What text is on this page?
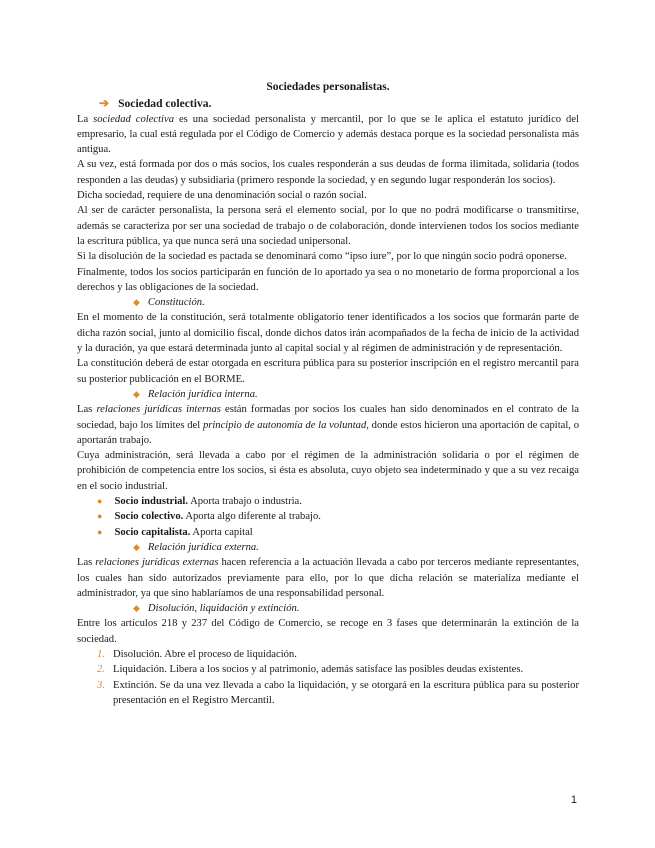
Sociedades personalistas.
➔ Sociedad colectiva.

La sociedad colectiva es una sociedad personalista y mercantil, por lo que se le aplica el estatuto jurídico del empresario, la cual está regulada por el Código de Comercio y además destaca porque es la sociedad personalista más antigua.

A su vez, está formada por dos o más socios, los cuales responderán a sus deudas de forma ilimitada, solidaria (todos responden a las deudas) y subsidiaria (primero responde la sociedad, y en segundo lugar responderán los socios).

Dicha sociedad, requiere de una denominación social o razón social.

Al ser de carácter personalista, la persona será el elemento social, por lo que no podrá modificarse o transmitirse, además se caracteriza por ser una sociedad de trabajo o de colaboración, donde intervienen todos los socios mediante la escritura pública, ya que nunca será una sociedad unipersonal.

Si la disolución de la sociedad es pactada se denominará como “ipso iure”, por lo que ningún socio podrá oponerse.

Finalmente, todos los socios participarán en función de lo aportado ya sea o no monetario de forma proporcional a los derechos y las obligaciones de la sociedad.

◆ Constitución.

En el momento de la constitución, será totalmente obligatorio tener identificados a los socios que formarán parte de dicha razón social, junto al domicilio fiscal, donde dichos datos irán acompañados de la fecha de inicio de la actividad y la duración, ya que estará determinada junto al capital social y al régimen de administración y de representación.

La constitución deberá de estar otorgada en escritura pública para su posterior inscripción en el registro mercantil para su posterior publicación en el BORME.

◆ Relación jurídica interna.

Las relaciones jurídicas internas están formadas por socios los cuales han sido denominados en el contrato de la sociedad, bajo los límites del principio de autonomía de la voluntad, donde estos hicieron una aportación de capital, o aportarán trabajo.

Cuya administración, será llevada a cabo por el régimen de la administración solidaria o por el régimen de prohibición de competencia entre los socios, si ésta es absoluta, cuyo objeto sea indeterminado y que a su vez recaiga en el socio industrial.

● Socio industrial. Aporta trabajo o industria.
● Socio colectivo. Aporta algo diferente al trabajo.
● Socio capitalista. Aporta capital
◆ Relación jurídica externa.

Las relaciones jurídicas externas hacen referencia a la actuación llevada a cabo por terceros mediante representantes, los cuales han sido autorizados previamente para ello, por lo que dicha relación se materializa mediante el administrador, ya que sino hablaríamos de una responsabilidad personal.

◆ Disolución, liquidación y extinción.

Entre los artículos 218 y 237 del Código de Comercio, se recoge en 3 fases que determinarán la extinción de la sociedad.

1. Disolución. Abre el proceso de liquidación.
2. Liquidación. Libera a los socios y al patrimonio, además satisface las posibles deudas existentes.
3. Extinción. Se da una vez llevada a cabo la liquidación, y se otorgará en la escritura pública para su posterior presentación en el Registro Mercantil.
1
